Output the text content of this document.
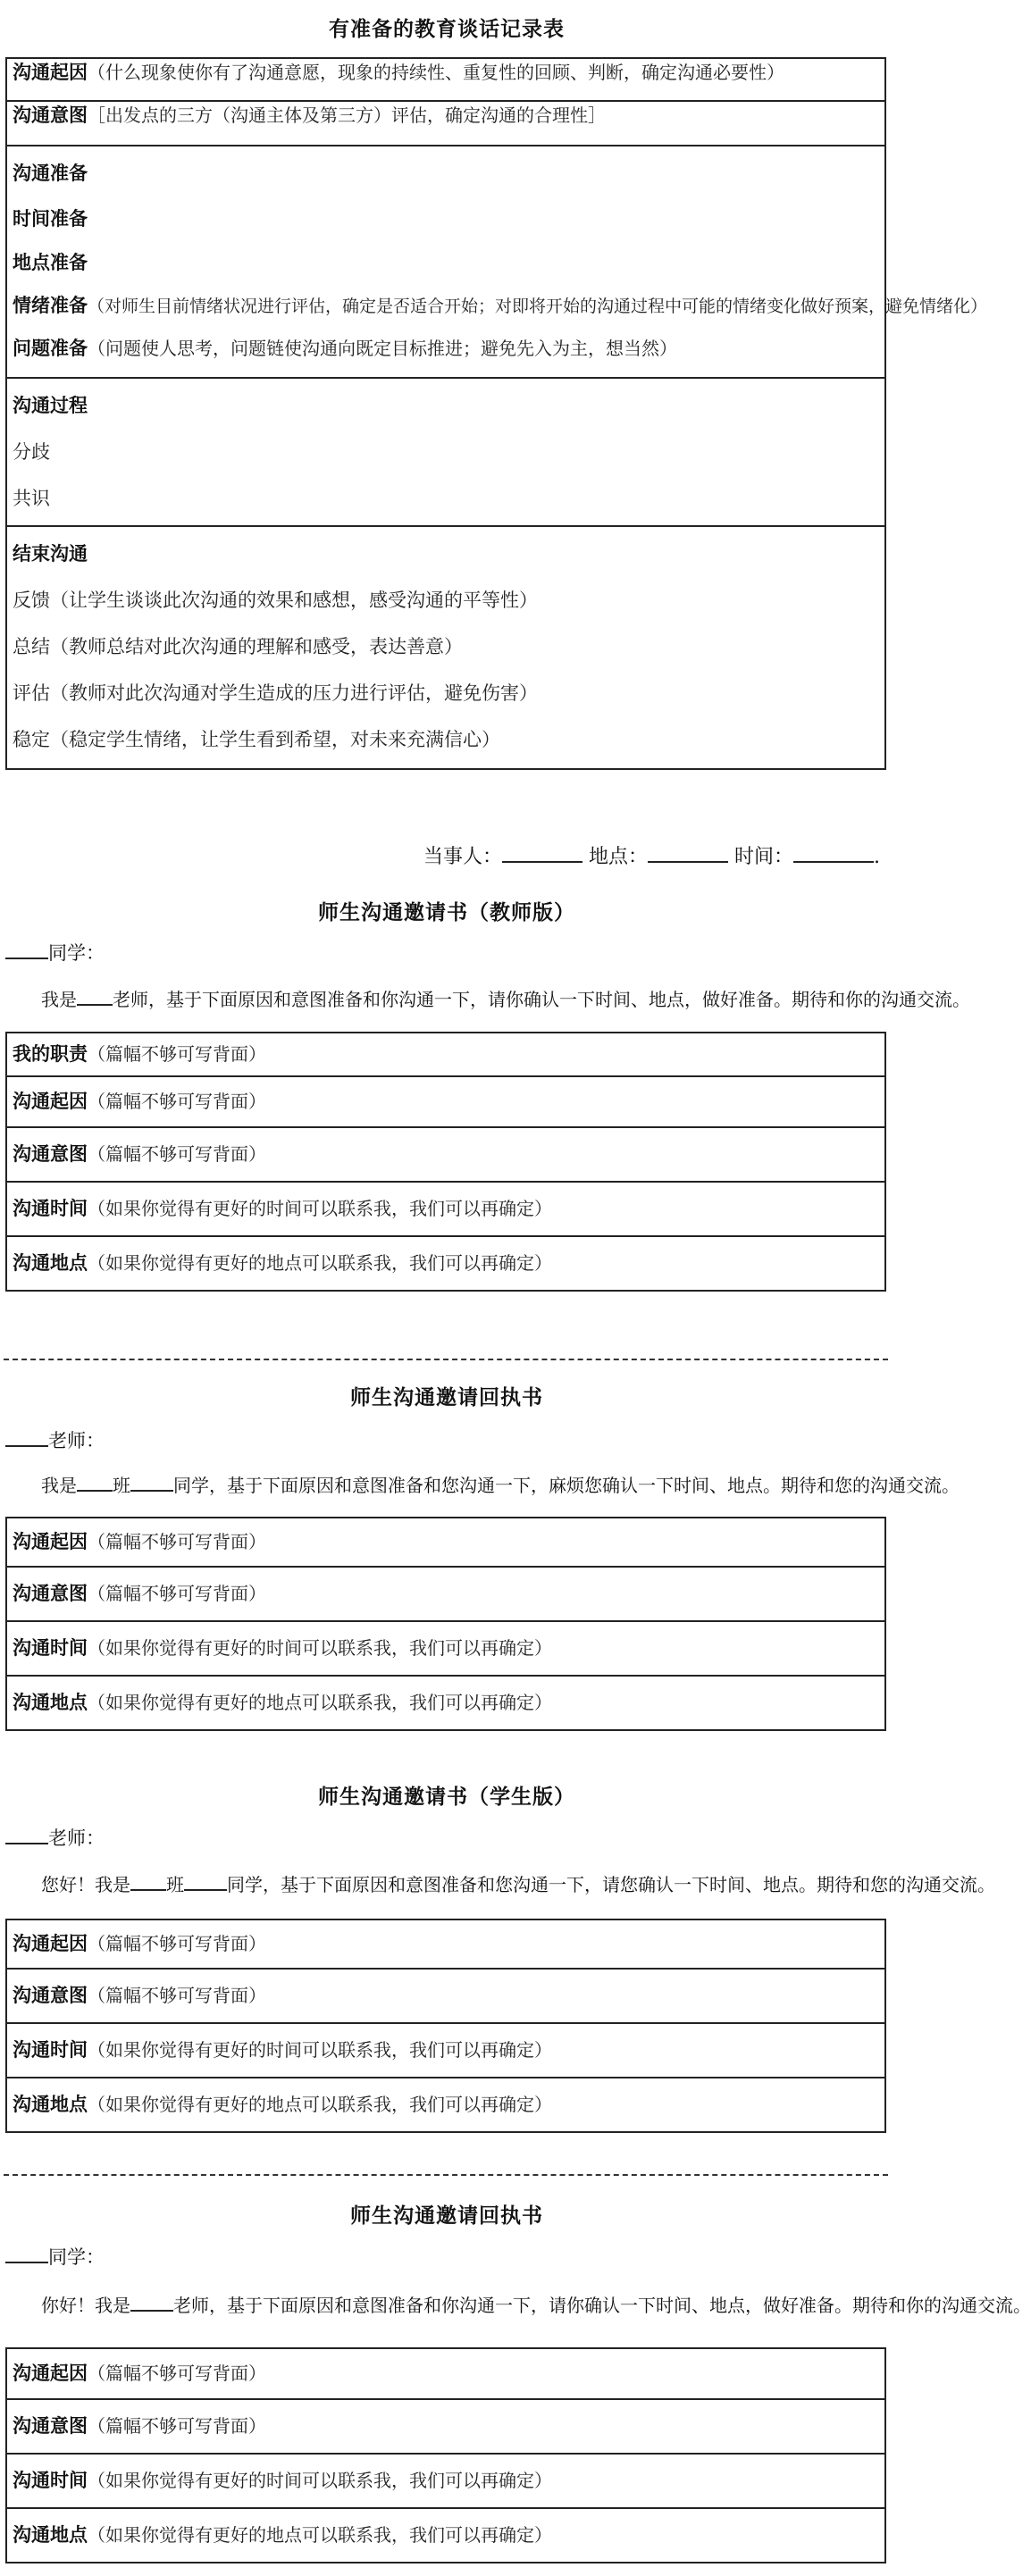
有准备的教育谈话记录表
沟通起因（什么现象使你有了沟通意愿，现象的持续性、重复性的回顾、判断，确定沟通必要性）
沟通意图［出发点的三方（沟通主体及第三方）评估，确定沟通的合理性］

沟通准备
时间准备
地点准备
情绪准备（对师生目前情绪状况进行评估，确定是否适合开始；对即将开始的沟通过程中可能的情绪变化做好预案，避免情绪化）
问题准备（问题使人思考，问题链使沟通向既定目标推进；避免先入为主，想当然）

沟通过程
分歧
共识

结束沟通
反馈（让学生谈谈此次沟通的效果和感想，感受沟通的平等性）
总结（教师总结对此次沟通的理解和感受，表达善意）
评估（教师对此次沟通对学生造成的压力进行评估，避免伤害）
稳定（稳定学生情绪，让学生看到希望，对未来充满信心）
当事人：	地点：	时间：	.
师生沟通邀请书（教师版）
同学：
我是 老师，基于下面原因和意图准备和你沟通一下，请你确认一下时间、地点，做好准备。期待和你的沟通交流。
我的职责（篇幅不够可写背面）
沟通起因（篇幅不够可写背面）
沟通意图（篇幅不够可写背面）
沟通时间（如果你觉得有更好的时间可以联系我，我们可以再确定）
沟通地点（如果你觉得有更好的地点可以联系我，我们可以再确定）
师生沟通邀请回执书
老师：
我是 班 同学，基于下面原因和意图准备和您沟通一下，麻烦您确认一下时间、地点。期待和您的沟通交流。
沟通起因（篇幅不够可写背面）
沟通意图（篇幅不够可写背面）
沟通时间（如果你觉得有更好的时间可以联系我，我们可以再确定）
沟通地点（如果你觉得有更好的地点可以联系我，我们可以再确定）
师生沟通邀请书（学生版）
老师：
您好！我是 班 同学，基于下面原因和意图准备和您沟通一下，请您确认一下时间、地点。期待和您的沟通交流。
沟通起因（篇幅不够可写背面）
沟通意图（篇幅不够可写背面）
沟通时间（如果你觉得有更好的时间可以联系我，我们可以再确定）
沟通地点（如果你觉得有更好的地点可以联系我，我们可以再确定）
师生沟通邀请回执书
同学：
你好！我是 老师，基于下面原因和意图准备和你沟通一下，请你确认一下时间、地点，做好准备。期待和你的沟通交流。
沟通起因（篇幅不够可写背面）
沟通意图（篇幅不够可写背面）
沟通时间（如果你觉得有更好的时间可以联系我，我们可以再确定）
沟通地点（如果你觉得有更好的地点可以联系我，我们可以再确定）
